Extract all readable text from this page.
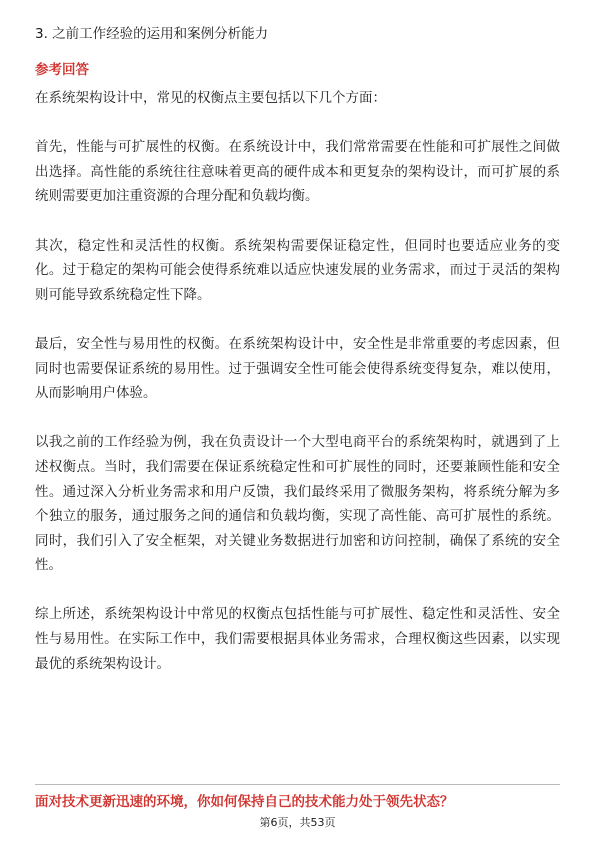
3. 之前工作经验的运用和案例分析能力
参考回答

在系统架构设计中，常见的权衡点主要包括以下几个方面：

首先，性能与可扩展性的权衡。在系统设计中，我们常常需要在性能和可扩展性之间做出选择。高性能的系统往往意味着更高的硬件成本和更复杂的架构设计，而可扩展的系统则需要更加注重资源的合理分配和负载均衡。

其次，稳定性和灵活性的权衡。系统架构需要保证稳定性，但同时也要适应业务的变化。过于稳定的架构可能会使得系统难以适应快速发展的业务需求，而过于灵活的架构则可能导致系统稳定性下降。

最后，安全性与易用性的权衡。在系统架构设计中，安全性是非常重要的考虑因素，但同时也需要保证系统的易用性。过于强调安全性可能会使得系统变得复杂，难以使用，从而影响用户体验。

以我之前的工作经验为例，我在负责设计一个大型电商平台的系统架构时，就遇到了上述权衡点。当时，我们需要在保证系统稳定性和可扩展性的同时，还要兼顾性能和安全性。通过深入分析业务需求和用户反馈，我们最终采用了微服务架构，将系统分解为多个独立的服务，通过服务之间的通信和负载均衡，实现了高性能、高可扩展性的系统。同时，我们引入了安全框架，对关键业务数据进行加密和访问控制，确保了系统的安全性。

综上所述，系统架构设计中常见的权衡点包括性能与可扩展性、稳定性和灵活性、安全性与易用性。在实际工作中，我们需要根据具体业务需求，合理权衡这些因素，以实现最优的系统架构设计。

面对技术更新迅速的环境，你如何保持自己的技术能力处于领先状态？
第6页，共53页
